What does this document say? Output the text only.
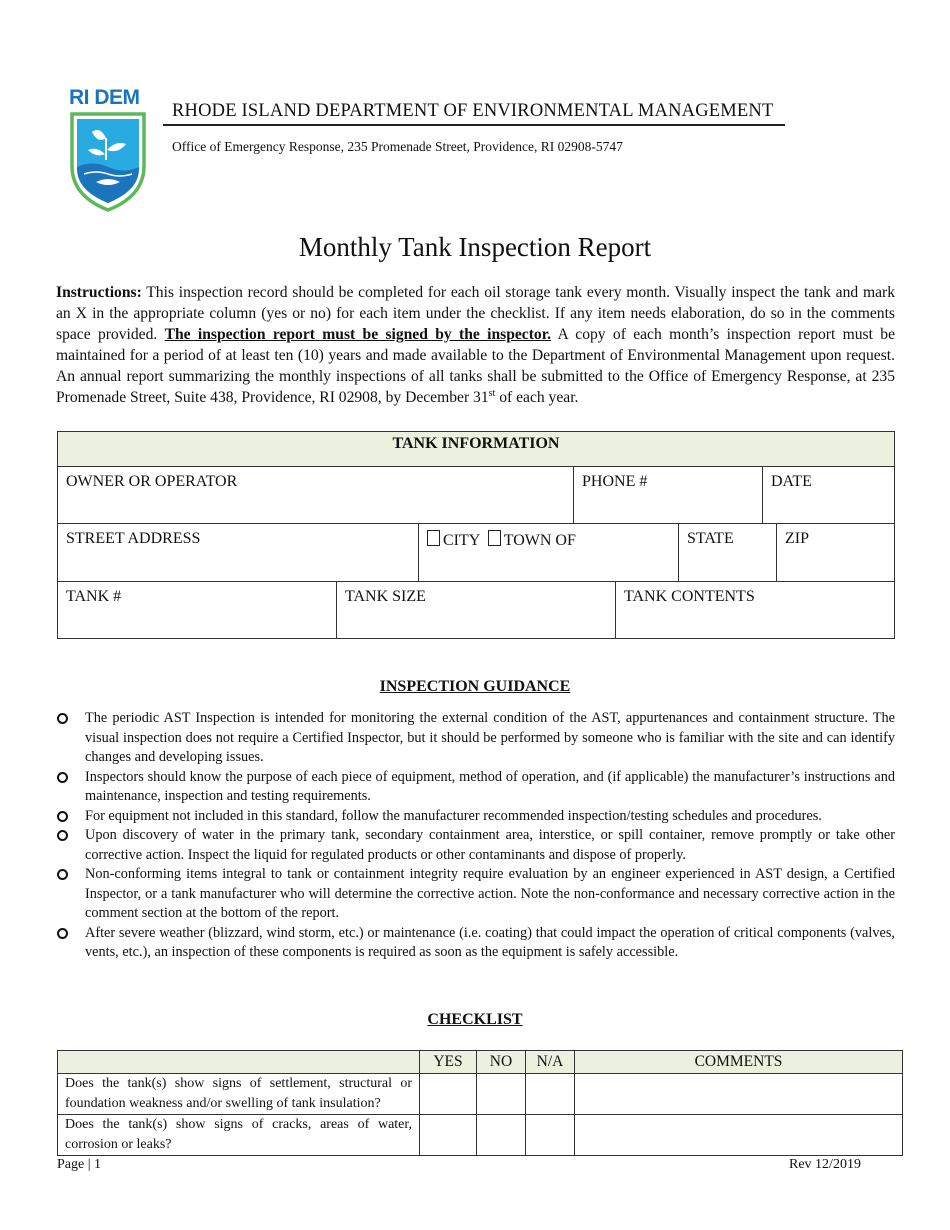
RI DEM
RHODE ISLAND DEPARTMENT OF ENVIRONMENTAL MANAGEMENT
Office of Emergency Response, 235 Promenade Street, Providence, RI 02908-5747
Monthly Tank Inspection Report
Instructions: This inspection record should be completed for each oil storage tank every month. Visually inspect the tank and mark an X in the appropriate column (yes or no) for each item under the checklist. If any item needs elaboration, do so in the comments space provided. The inspection report must be signed by the inspector. A copy of each month’s inspection report must be maintained for a period of at least ten (10) years and made available to the Department of Environmental Management upon request. An annual report summarizing the monthly inspections of all tanks shall be submitted to the Office of Emergency Response, at 235 Promenade Street, Suite 438, Providence, RI 02908, by December 31st of each year.
TANK INFORMATION
OWNER OR OPERATOR	PHONE #	DATE
STREET ADDRESS	CITY TOWN OF	STATE	ZIP
TANK #	TANK SIZE	TANK CONTENTS
INSPECTION GUIDANCE
The periodic AST Inspection is intended for monitoring the external condition of the AST, appurtenances and containment structure. The visual inspection does not require a Certified Inspector, but it should be performed by someone who is familiar with the site and can identify changes and developing issues.
Inspectors should know the purpose of each piece of equipment, method of operation, and (if applicable) the manufacturer’s instructions and maintenance, inspection and testing requirements.
For equipment not included in this standard, follow the manufacturer recommended inspection/testing schedules and procedures.
Upon discovery of water in the primary tank, secondary containment area, interstice, or spill container, remove promptly or take other corrective action. Inspect the liquid for regulated products or other contaminants and dispose of properly.
Non-conforming items integral to tank or containment integrity require evaluation by an engineer experienced in AST design, a Certified Inspector, or a tank manufacturer who will determine the corrective action. Note the non-conformance and necessary corrective action in the comment section at the bottom of the report.
After severe weather (blizzard, wind storm, etc.) or maintenance (i.e. coating) that could impact the operation of critical components (valves, vents, etc.), an inspection of these components is required as soon as the equipment is safely accessible.
CHECKLIST
	YES	NO	N/A	COMMENTS
Does the tank(s) show signs of settlement, structural or foundation weakness and/or swelling of tank insulation?				
Does the tank(s) show signs of cracks, areas of water, corrosion or leaks?				
Page | 1	Rev 12/2019
